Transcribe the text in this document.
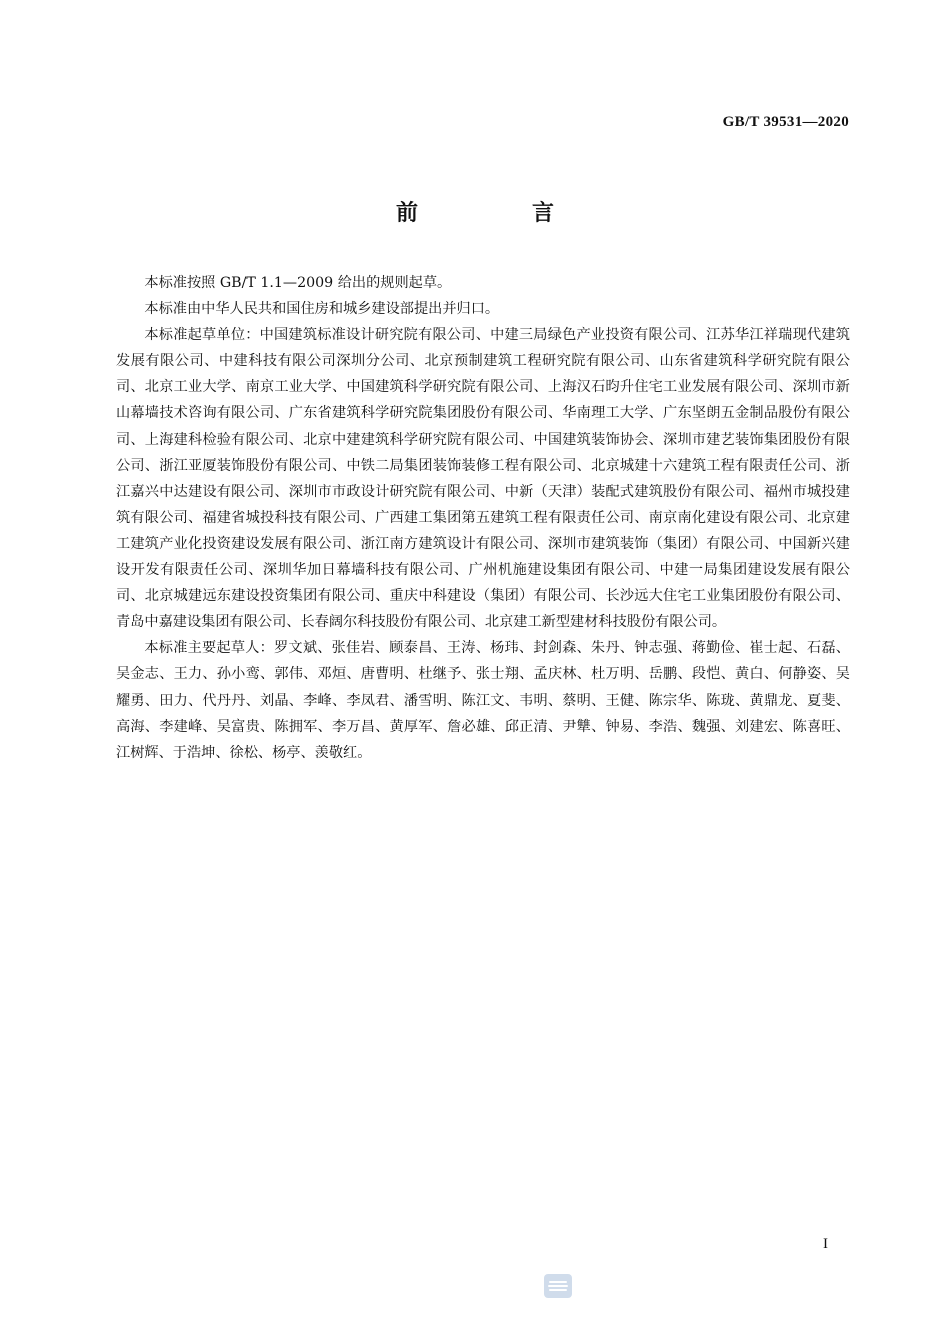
GB/T 39531—2020
前　言

本标准按照 GB/T 1.1—2009 给出的规则起草。

本标准由中华人民共和国住房和城乡建设部提出并归口。

本标准起草单位：中国建筑标准设计研究院有限公司、中建三局绿色产业投资有限公司、江苏华江祥瑞现代建筑发展有限公司、中建科技有限公司深圳分公司、北京预制建筑工程研究院有限公司、山东省建筑科学研究院有限公司、北京工业大学、南京工业大学、中国建筑科学研究院有限公司、上海汉石昀升住宅工业发展有限公司、深圳市新山幕墙技术咨询有限公司、广东省建筑科学研究院集团股份有限公司、华南理工大学、广东坚朗五金制品股份有限公司、上海建科检验有限公司、北京中建建筑科学研究院有限公司、中国建筑装饰协会、深圳市建艺装饰集团股份有限公司、浙江亚厦装饰股份有限公司、中铁二局集团装饰装修工程有限公司、北京城建十六建筑工程有限责任公司、浙江嘉兴中达建设有限公司、深圳市市政设计研究院有限公司、中新（天津）装配式建筑股份有限公司、福州市城投建筑有限公司、福建省城投科技有限公司、广西建工集团第五建筑工程有限责任公司、南京南化建设有限公司、北京建工建筑产业化投资建设发展有限公司、浙江南方建筑设计有限公司、深圳市建筑装饰（集团）有限公司、中国新兴建设开发有限责任公司、深圳华加日幕墙科技有限公司、广州机施建设集团有限公司、中建一局集团建设发展有限公司、北京城建远东建设投资集团有限公司、重庆中科建设（集团）有限公司、长沙远大住宅工业集团股份有限公司、青岛中嘉建设集团有限公司、长春阔尔科技股份有限公司、北京建工新型建材科技股份有限公司。

本标准主要起草人：罗文斌、张佳岩、顾泰昌、王涛、杨玮、封剑森、朱丹、钟志强、蒋勤俭、崔士起、石磊、吴金志、王力、孙小鸾、郭伟、邓烜、唐曹明、杜继予、张士翔、孟庆林、杜万明、岳鹏、段恺、黄白、何静姿、吴耀勇、田力、代丹丹、刘晶、李峰、李凤君、潘雪明、陈江文、韦明、蔡明、王健、陈宗华、陈珑、黄鼎龙、夏斐、高海、李建峰、吴富贵、陈拥军、李万昌、黄厚军、詹必雄、邱正清、尹犨、钟易、李浩、魏强、刘建宏、陈喜旺、江树辉、于浩坤、徐松、杨亭、羡敬红。

I
